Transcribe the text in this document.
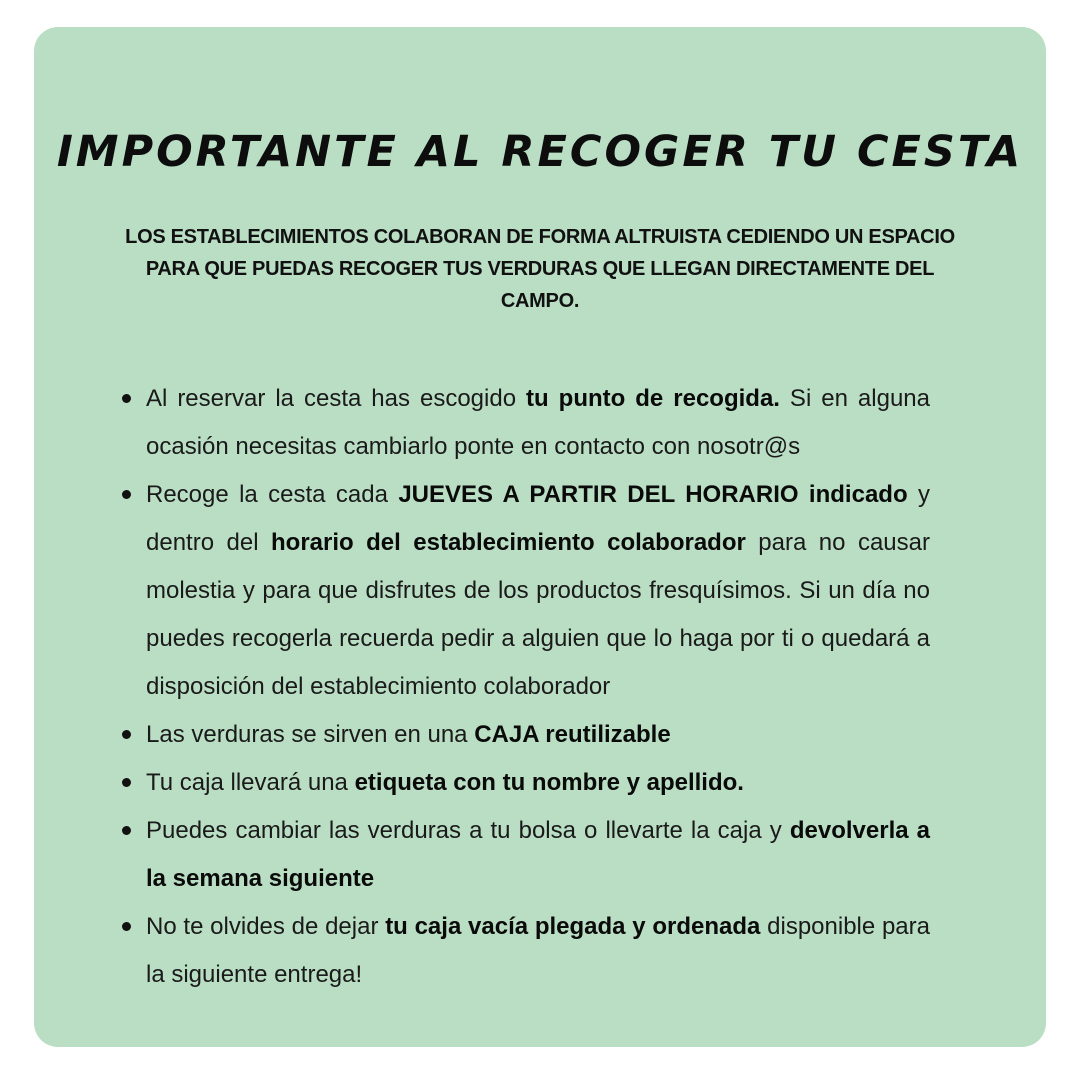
IMPORTANTE AL RECOGER TU CESTA

LOS ESTABLECIMIENTOS COLABORAN DE FORMA ALTRUISTA CEDIENDO UN ESPACIO PARA QUE PUEDAS RECOGER TUS VERDURAS QUE LLEGAN DIRECTAMENTE DEL CAMPO.

Al reservar la cesta has escogido tu punto de recogida. Si en alguna ocasión necesitas cambiarlo ponte en contacto con nosotr@s
Recoge la cesta cada JUEVES A PARTIR DEL HORARIO indicado y dentro del horario del establecimiento colaborador para no causar molestia y para que disfrutes de los productos fresquísimos. Si un día no puedes recogerla recuerda pedir a alguien que lo haga por ti o quedará a disposición del establecimiento colaborador
Las verduras se sirven en una CAJA reutilizable
Tu caja llevará una etiqueta con tu nombre y apellido.
Puedes cambiar las verduras a tu bolsa o llevarte la caja y devolverla a la semana siguiente
No te olvides de dejar tu caja vacía plegada y ordenada disponible para la siguiente entrega!
